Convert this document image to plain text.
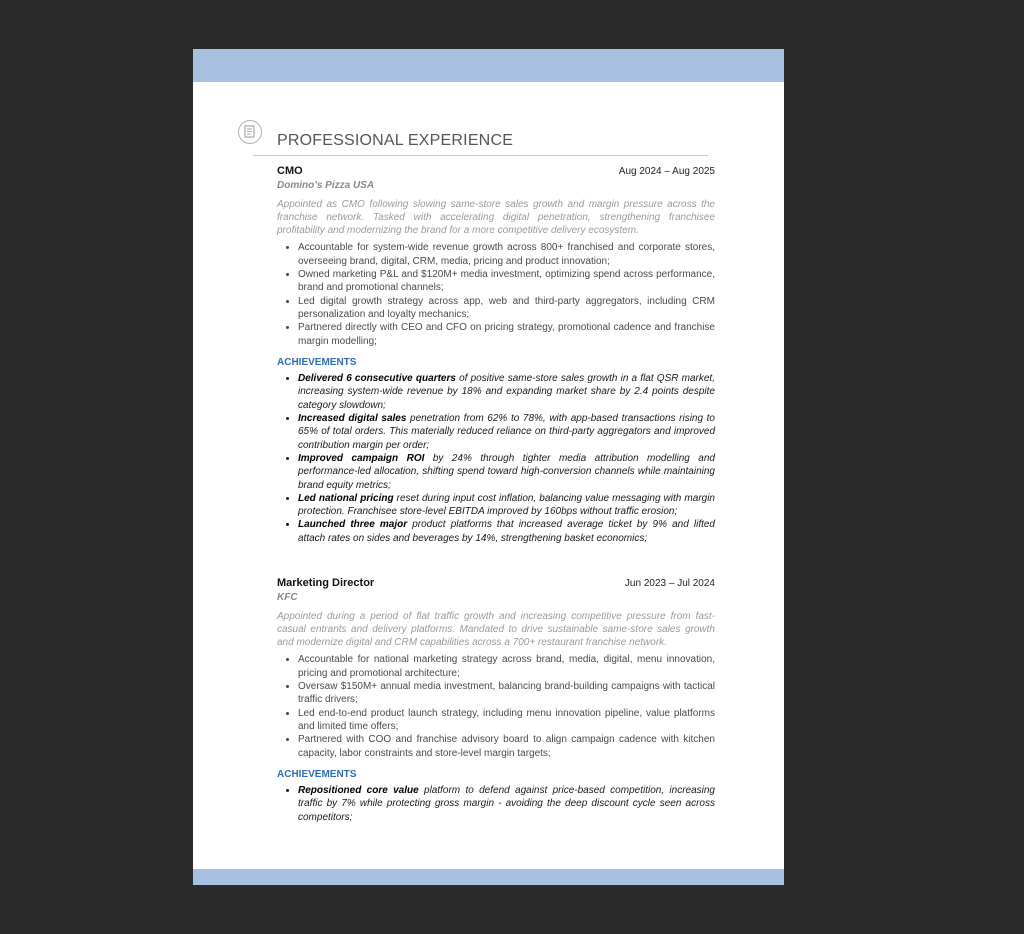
PROFESSIONAL EXPERIENCE
CMO	Aug 2024 – Aug 2025
Domino’s Pizza USA
Appointed as CMO following slowing same-store sales growth and margin pressure across the franchise network. Tasked with accelerating digital penetration, strengthening franchisee profitability and modernizing the brand for a more competitive delivery ecosystem.
• Accountable for system-wide revenue growth across 800+ franchised and corporate stores, overseeing brand, digital, CRM, media, pricing and product innovation;
• Owned marketing P&L and $120M+ media investment, optimizing spend across performance, brand and promotional channels;
• Led digital growth strategy across app, web and third-party aggregators, including CRM personalization and loyalty mechanics;
• Partnered directly with CEO and CFO on pricing strategy, promotional cadence and franchise margin modelling;
ACHIEVEMENTS
• Delivered 6 consecutive quarters of positive same-store sales growth in a flat QSR market, increasing system-wide revenue by 18% and expanding market share by 2.4 points despite category slowdown;
• Increased digital sales penetration from 62% to 78%, with app-based transactions rising to 65% of total orders. This materially reduced reliance on third-party aggregators and improved contribution margin per order;
• Improved campaign ROI by 24% through tighter media attribution modelling and performance-led allocation, shifting spend toward high-conversion channels while maintaining brand equity metrics;
• Led national pricing reset during input cost inflation, balancing value messaging with margin protection. Franchisee store-level EBITDA improved by 160bps without traffic erosion;
• Launched three major product platforms that increased average ticket by 9% and lifted attach rates on sides and beverages by 14%, strengthening basket economics;
Marketing Director	Jun 2023 – Jul 2024
KFC
Appointed during a period of flat traffic growth and increasing competitive pressure from fast-casual entrants and delivery platforms. Mandated to drive sustainable same-store sales growth and modernize digital and CRM capabilities across a 700+ restaurant franchise network.
• Accountable for national marketing strategy across brand, media, digital, menu innovation, pricing and promotional architecture;
• Oversaw $150M+ annual media investment, balancing brand-building campaigns with tactical traffic drivers;
• Led end-to-end product launch strategy, including menu innovation pipeline, value platforms and limited time offers;
• Partnered with COO and franchise advisory board to align campaign cadence with kitchen capacity, labor constraints and store-level margin targets;
ACHIEVEMENTS
• Repositioned core value platform to defend against price-based competition, increasing traffic by 7% while protecting gross margin - avoiding the deep discount cycle seen across competitors;
